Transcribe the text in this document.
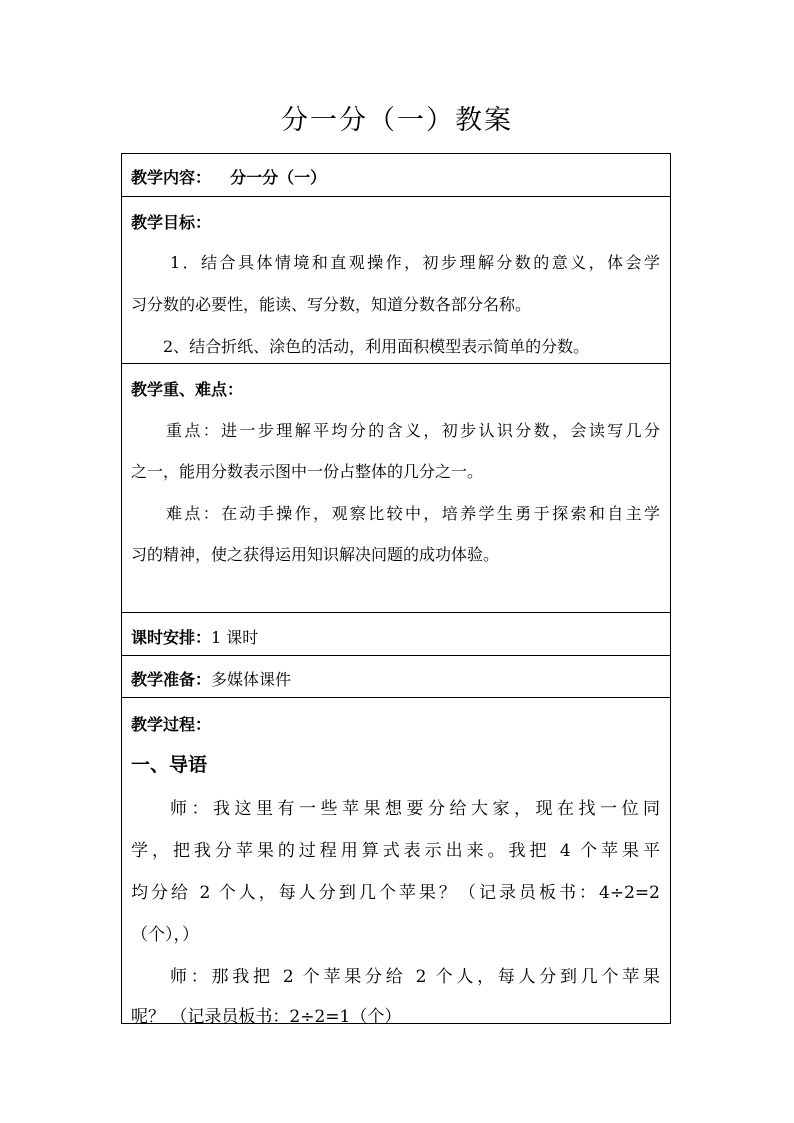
分一分（一）教案
教学内容： 分一分（一）
教学目标：
1．结合具体情境和直观操作，初步理解分数的意义，体会学
习分数的必要性，能读、写分数，知道分数各部分名称。
2、结合折纸、涂色的活动，利用面积模型表示简单的分数。
教学重、难点：
重点：进一步理解平均分的含义，初步认识分数，会读写几分
之一，能用分数表示图中一份占整体的几分之一。
难点：在动手操作，观察比较中，培养学生勇于探索和自主学
习的精神，使之获得运用知识解决问题的成功体验。
课时安排：1 课时
教学准备：多媒体课件
教学过程：
一、导语
师：我这里有一些苹果想要分给大家，现在找一位同
学，把我分苹果的过程用算式表示出来。我把 4 个苹果平
均分给 2 个人，每人分到几个苹果？（记录员板书：4÷2=2
（个），）
师：那我把 2 个苹果分给 2 个人，每人分到几个苹果
呢？ （记录员板书：2÷2=1（个）
